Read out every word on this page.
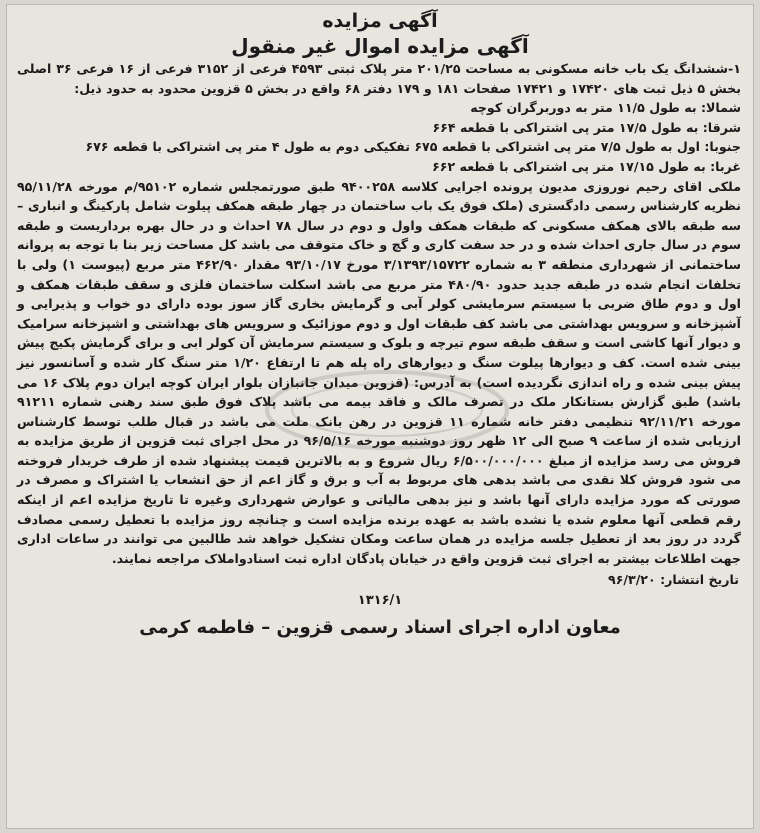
آگهی مزایده
آگهی مزایده اموال غیر منقول

۱-ششدانگ یک باب خانه مسکونی به مساحت ۲۰۱/۲۵ متر پلاک ثبتی ۴۵۹۳ فرعی از ۳۱۵۲ فرعی از ۱۶ فرعی ۳۶ اصلی بخش ۵ ذیل ثبت های ۱۷۴۲۰ و ۱۷۴۲۱ صفحات ۱۸۱ و ۱۷۹ دفتر ۶۸ واقع در بخش ۵ قزوین محدود به حدود ذیل:

شمالا: به طول ۱۱/۵ متر به دوربرگران کوچه

شرقا: به طول ۱۷/۵ متر پی اشتراکی با قطعه ۶۶۴

جنوبا: اول به طول ۷/۵ متر پی اشتراکی با قطعه ۶۷۵ تفکیکی دوم به طول ۴ متر پی اشتراکی با قطعه ۶۷۶

غربا: به طول ۱۷/۱۵ متر پی اشتراکی با قطعه ۶۶۲

ملکی اقای رحیم نوروزی مدیون پرونده اجرایی کلاسه ۹۴۰۰۲۵۸ طبق صورتمجلس شماره ۹۵۱۰۲/م مورخه ۹۵/۱۱/۲۸ نظریه کارشناس رسمی دادگستری (ملک فوق یک باب ساختمان در چهار طبقه همکف پیلوت شامل پارکینگ و انباری – سه طبقه بالای همکف مسکونی که طبقات همکف واول و دوم در سال ۷۸ احداث و در حال بهره برداریست و طبقه سوم در سال جاری احداث شده و در حد سفت کاری و گچ و خاک متوقف می باشد کل مساحت زیر بنا با توجه به پروانه ساختمانی از شهرداری منطقه ۳ به شماره ۳/۱۳۹۳/۱۵۷۲۲ مورخ ۹۳/۱۰/۱۷ مقدار ۴۶۲/۹۰ متر مربع (پیوست ۱) ولی با تخلفات انجام شده در طبقه جدید حدود ۴۸۰/۹۰ متر مربع می باشد اسکلت ساختمان فلزی و سقف طبقات همکف و اول و دوم طاق ضربی با سیستم سرمایشی کولر آبی و گرمایش بخاری گاز سوز بوده دارای دو خواب و پذیرایی و آشپزخانه و سرویس بهداشتی می باشد کف طبقات اول و دوم موزائیک و سرویس های بهداشتی و اشپزخانه سرامیک و دیوار آنها کاشی است و سقف طبقه سوم تیرچه و بلوک و سیستم سرمایش آن کولر ابی و برای گرمایش پکیج پیش بینی شده است. کف و دیوارها پیلوت سنگ و دیوارهای راه پله هم تا ارتفاع ۱/۲۰ متر سنگ کار شده و آسانسور نیز پیش بینی شده و راه اندازی نگردیده است) به آدرس: (قزوین میدان جانبازان بلوار ایران کوچه ایران دوم پلاک ۱۶ می باشد) طبق گزارش بستانکار ملک در تصرف مالک و فاقد بیمه می باشد پلاک فوق طبق سند رهنی شماره ۹۱۲۱۱ مورخه ۹۲/۱۱/۲۱ تنظیمی دفتر خانه شماره ۱۱ قزوین در رهن بانک ملت می باشد در قبال طلب توسط کارشناس ارزیابی شده از ساعت ۹ صبح الی ۱۲ ظهر روز دوشنبه مورخه ۹۶/۵/۱۶ در محل اجرای ثبت قزوین از طریق مزایده به فروش می رسد مزایده از مبلغ ۶/۵۰۰/۰۰۰/۰۰۰ ریال شروع و به بالاترین قیمت پیشنهاد شده از طرف خریدار فروخته می شود فروش کلا نقدی می باشد بدهی های مربوط به آب و برق و گاز اعم از حق انشعاب یا اشتراک و مصرف در صورتی که مورد مزایده دارای آنها باشد و نیز بدهی مالیاتی و عوارض شهرداری وغیره تا تاریخ مزایده اعم از اینکه رقم قطعی آنها معلوم شده یا نشده باشد به عهده برنده مزایده است و چنانچه روز مزایده با تعطیل رسمی مصادف گردد در روز بعد از تعطیل جلسه مزایده در همان ساعت ومکان تشکیل خواهد شد طالبین می توانند در ساعات اداری جهت اطلاعات بیشتر به اجرای ثبت قزوین واقع در خیابان پادگان اداره ثبت اسنادواملاک مراجعه نمایند.

تاریخ انتشار: ۹۶/۳/۲۰
۱۳۱۶/۱
معاون اداره اجرای اسناد رسمی قزوین – فاطمه کرمی
